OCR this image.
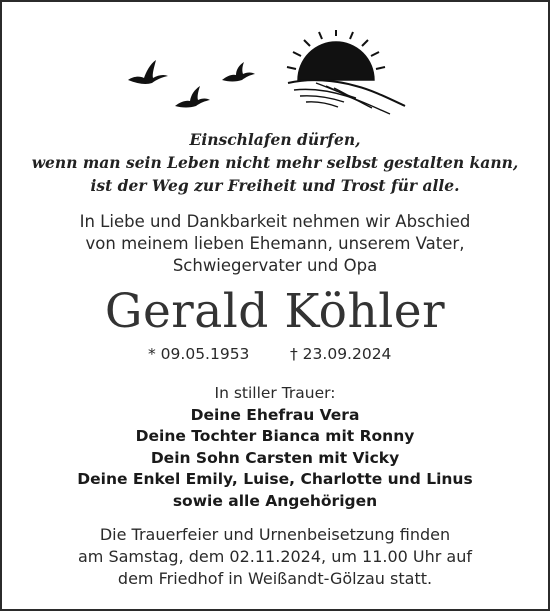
Einschlafen dürfen,
wenn man sein Leben nicht mehr selbst gestalten kann,
ist der Weg zur Freiheit und Trost für alle.
In Liebe und Dankbarkeit nehmen wir Abschied
von meinem lieben Ehemann, unserem Vater,
Schwiegervater und Opa
Gerald Köhler
* 09.05.1953	† 23.09.2024
In stiller Trauer:
Deine Ehefrau Vera
Deine Tochter Bianca mit Ronny
Dein Sohn Carsten mit Vicky
Deine Enkel Emily, Luise, Charlotte und Linus
sowie alle Angehörigen
Die Trauerfeier und Urnenbeisetzung finden
am Samstag, dem 02.11.2024, um 11.00 Uhr auf
dem Friedhof in Weißandt-Gölzau statt.
